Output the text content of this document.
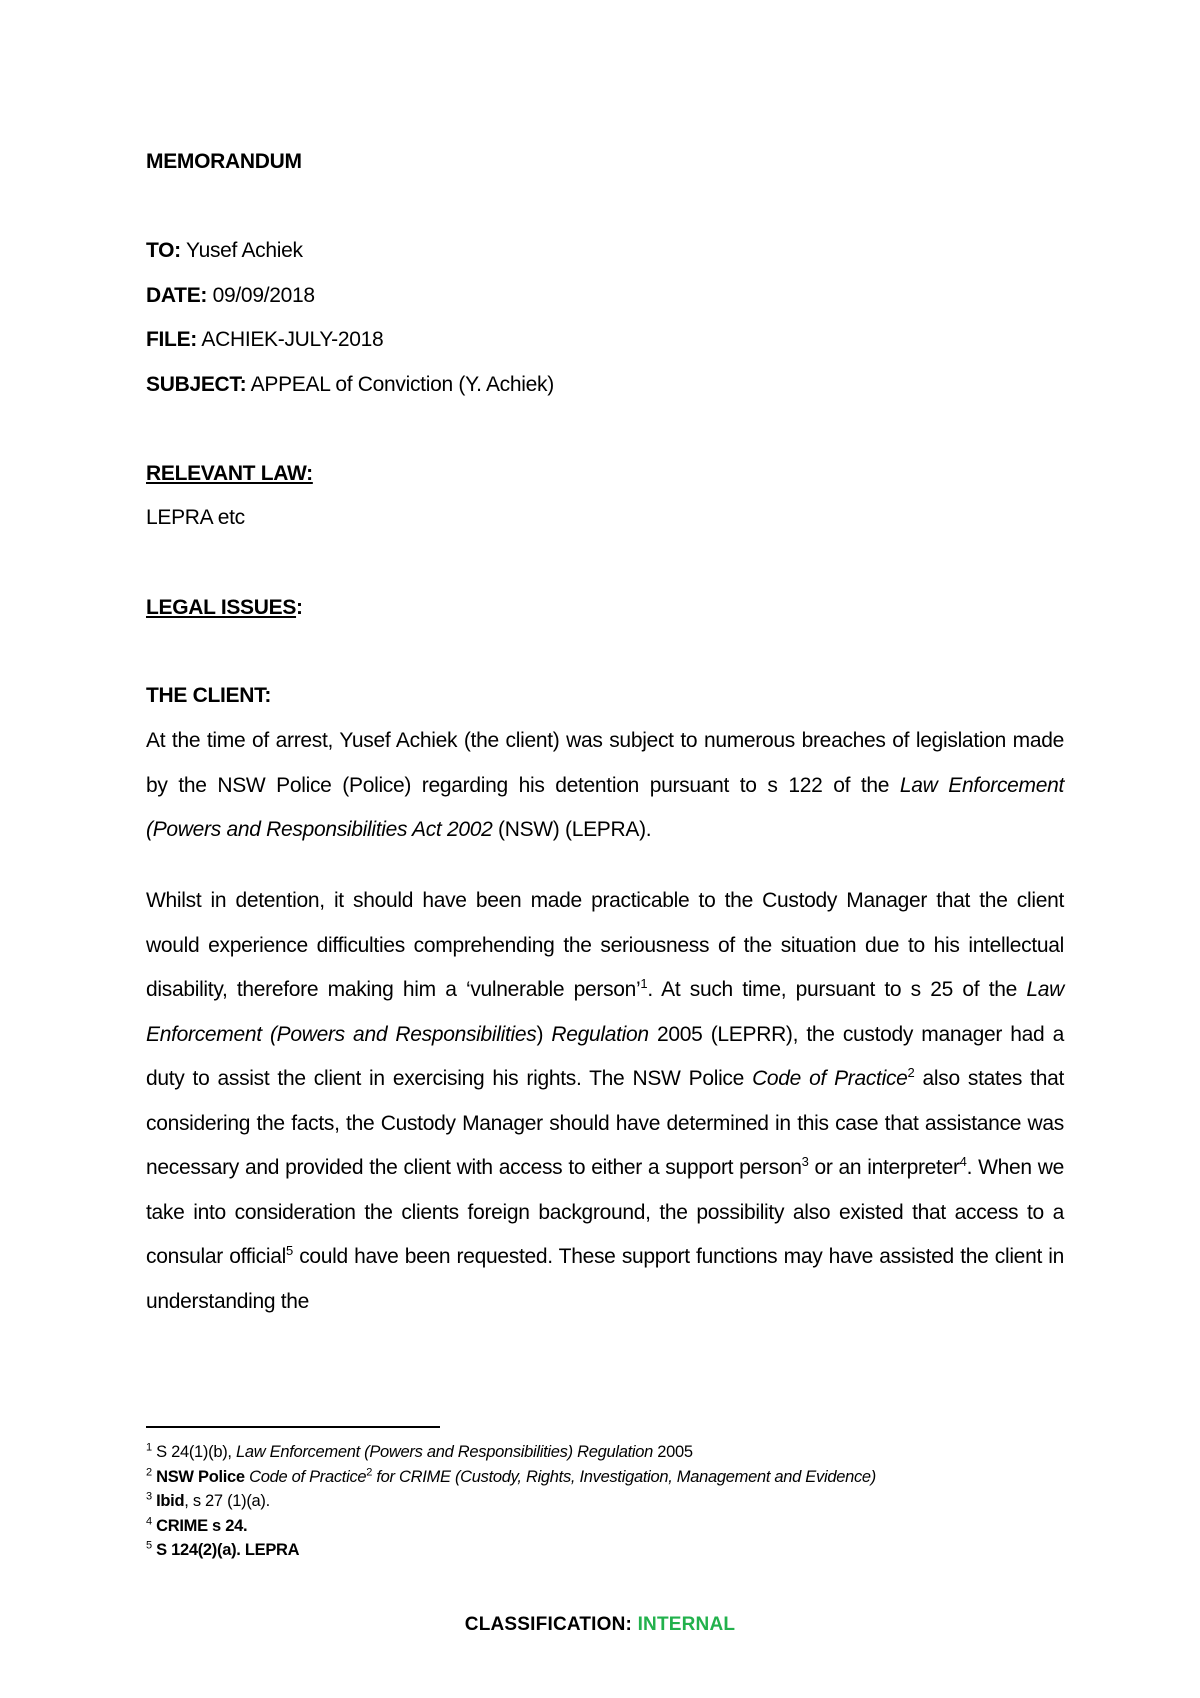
MEMORANDUM
TO: Yusef Achiek
DATE: 09/09/2018
FILE: ACHIEK-JULY-2018
SUBJECT: APPEAL of Conviction (Y. Achiek)
RELEVANT LAW:
LEPRA etc
LEGAL ISSUES:
THE CLIENT:

At the time of arrest, Yusef Achiek (the client) was subject to numerous breaches of legislation made by the NSW Police (Police) regarding his detention pursuant to s 122 of the Law Enforcement (Powers and Responsibilities Act 2002 (NSW) (LEPRA).

Whilst in detention, it should have been made practicable to the Custody Manager that the client would experience difficulties comprehending the seriousness of the situation due to his intellectual disability, therefore making him a ‘vulnerable person’$^1$. At such time, pursuant to s 25 of the Law Enforcement (Powers and Responsibilities) Regulation 2005 (LEPRR), the custody manager had a duty to assist the client in exercising his rights. The NSW Police Code of Practice$^2$ also states that considering the facts, the Custody Manager should have determined in this case that assistance was necessary and provided the client with access to either a support person$^3$ or an interpreter$^4$. When we take into consideration the clients foreign background, the possibility also existed that access to a consular official$^5$ could have been requested. These support functions may have assisted the client in understanding the

$^1$ S 24(1)(b), Law Enforcement (Powers and Responsibilities) Regulation 2005
$^2$ NSW Police Code of Practice$^2$ for CRIME (Custody, Rights, Investigation, Management and Evidence)
$^3$ Ibid, s 27 (1)(a).
$^4$ CRIME s 24.
$^5$ S 124(2)(a). LEPRA
CLASSIFICATION: INTERNAL
